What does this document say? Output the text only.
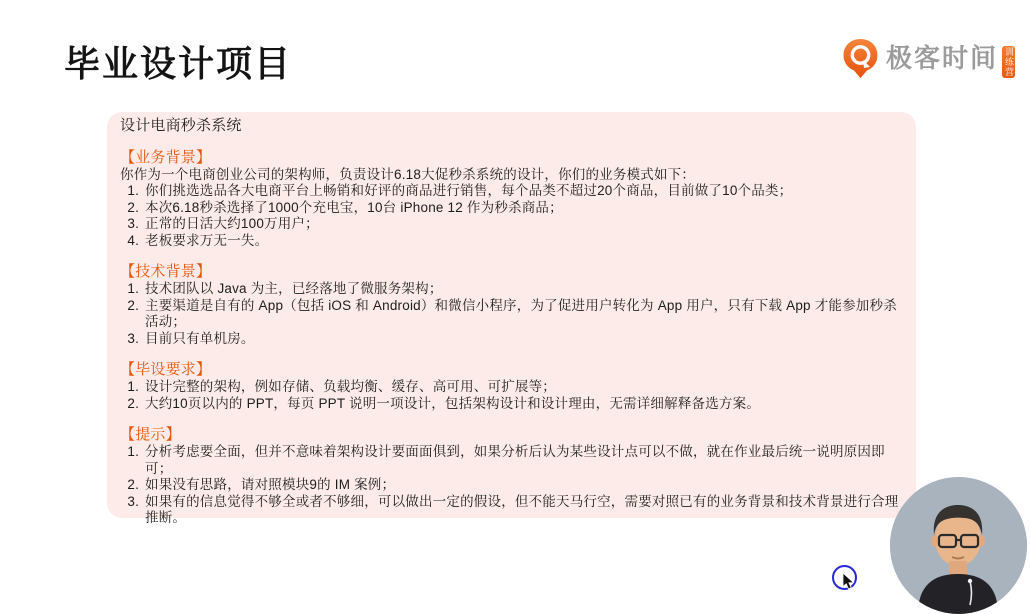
毕业设计项目	极客时间 训练营
设计电商秒杀系统
【业务背景】

你作为一个电商创业公司的架构师，负责设计6.18大促秒杀系统的设计，你们的业务模式如下：

1. 你们挑选选品各大电商平台上畅销和好评的商品进行销售，每个品类不超过20个商品，目前做了10个品类；
2. 本次6.18秒杀选择了1000个充电宝，10台 iPhone 12 作为秒杀商品；
3. 正常的日活大约100万用户；
4. 老板要求万无一失。
【技术背景】
1. 技术团队以 Java 为主，已经落地了微服务架构；
2. 主要渠道是自有的 App（包括 iOS 和 Android）和微信小程序，为了促进用户转化为 App 用户，只有下载 App 才能参加秒杀活动；
3. 目前只有单机房。
【毕设要求】
1. 设计完整的架构，例如存储、负载均衡、缓存、高可用、可扩展等；
2. 大约10页以内的 PPT，每页 PPT 说明一项设计，包括架构设计和设计理由，无需详细解释备选方案。
【提示】
1. 分析考虑要全面，但并不意味着架构设计要面面俱到，如果分析后认为某些设计点可以不做，就在作业最后统一说明原因即可；
2. 如果没有思路，请对照模块9的 IM 案例；
3. 如果有的信息觉得不够全或者不够细，可以做出一定的假设，但不能天马行空，需要对照已有的业务背景和技术背景进行合理推断。
